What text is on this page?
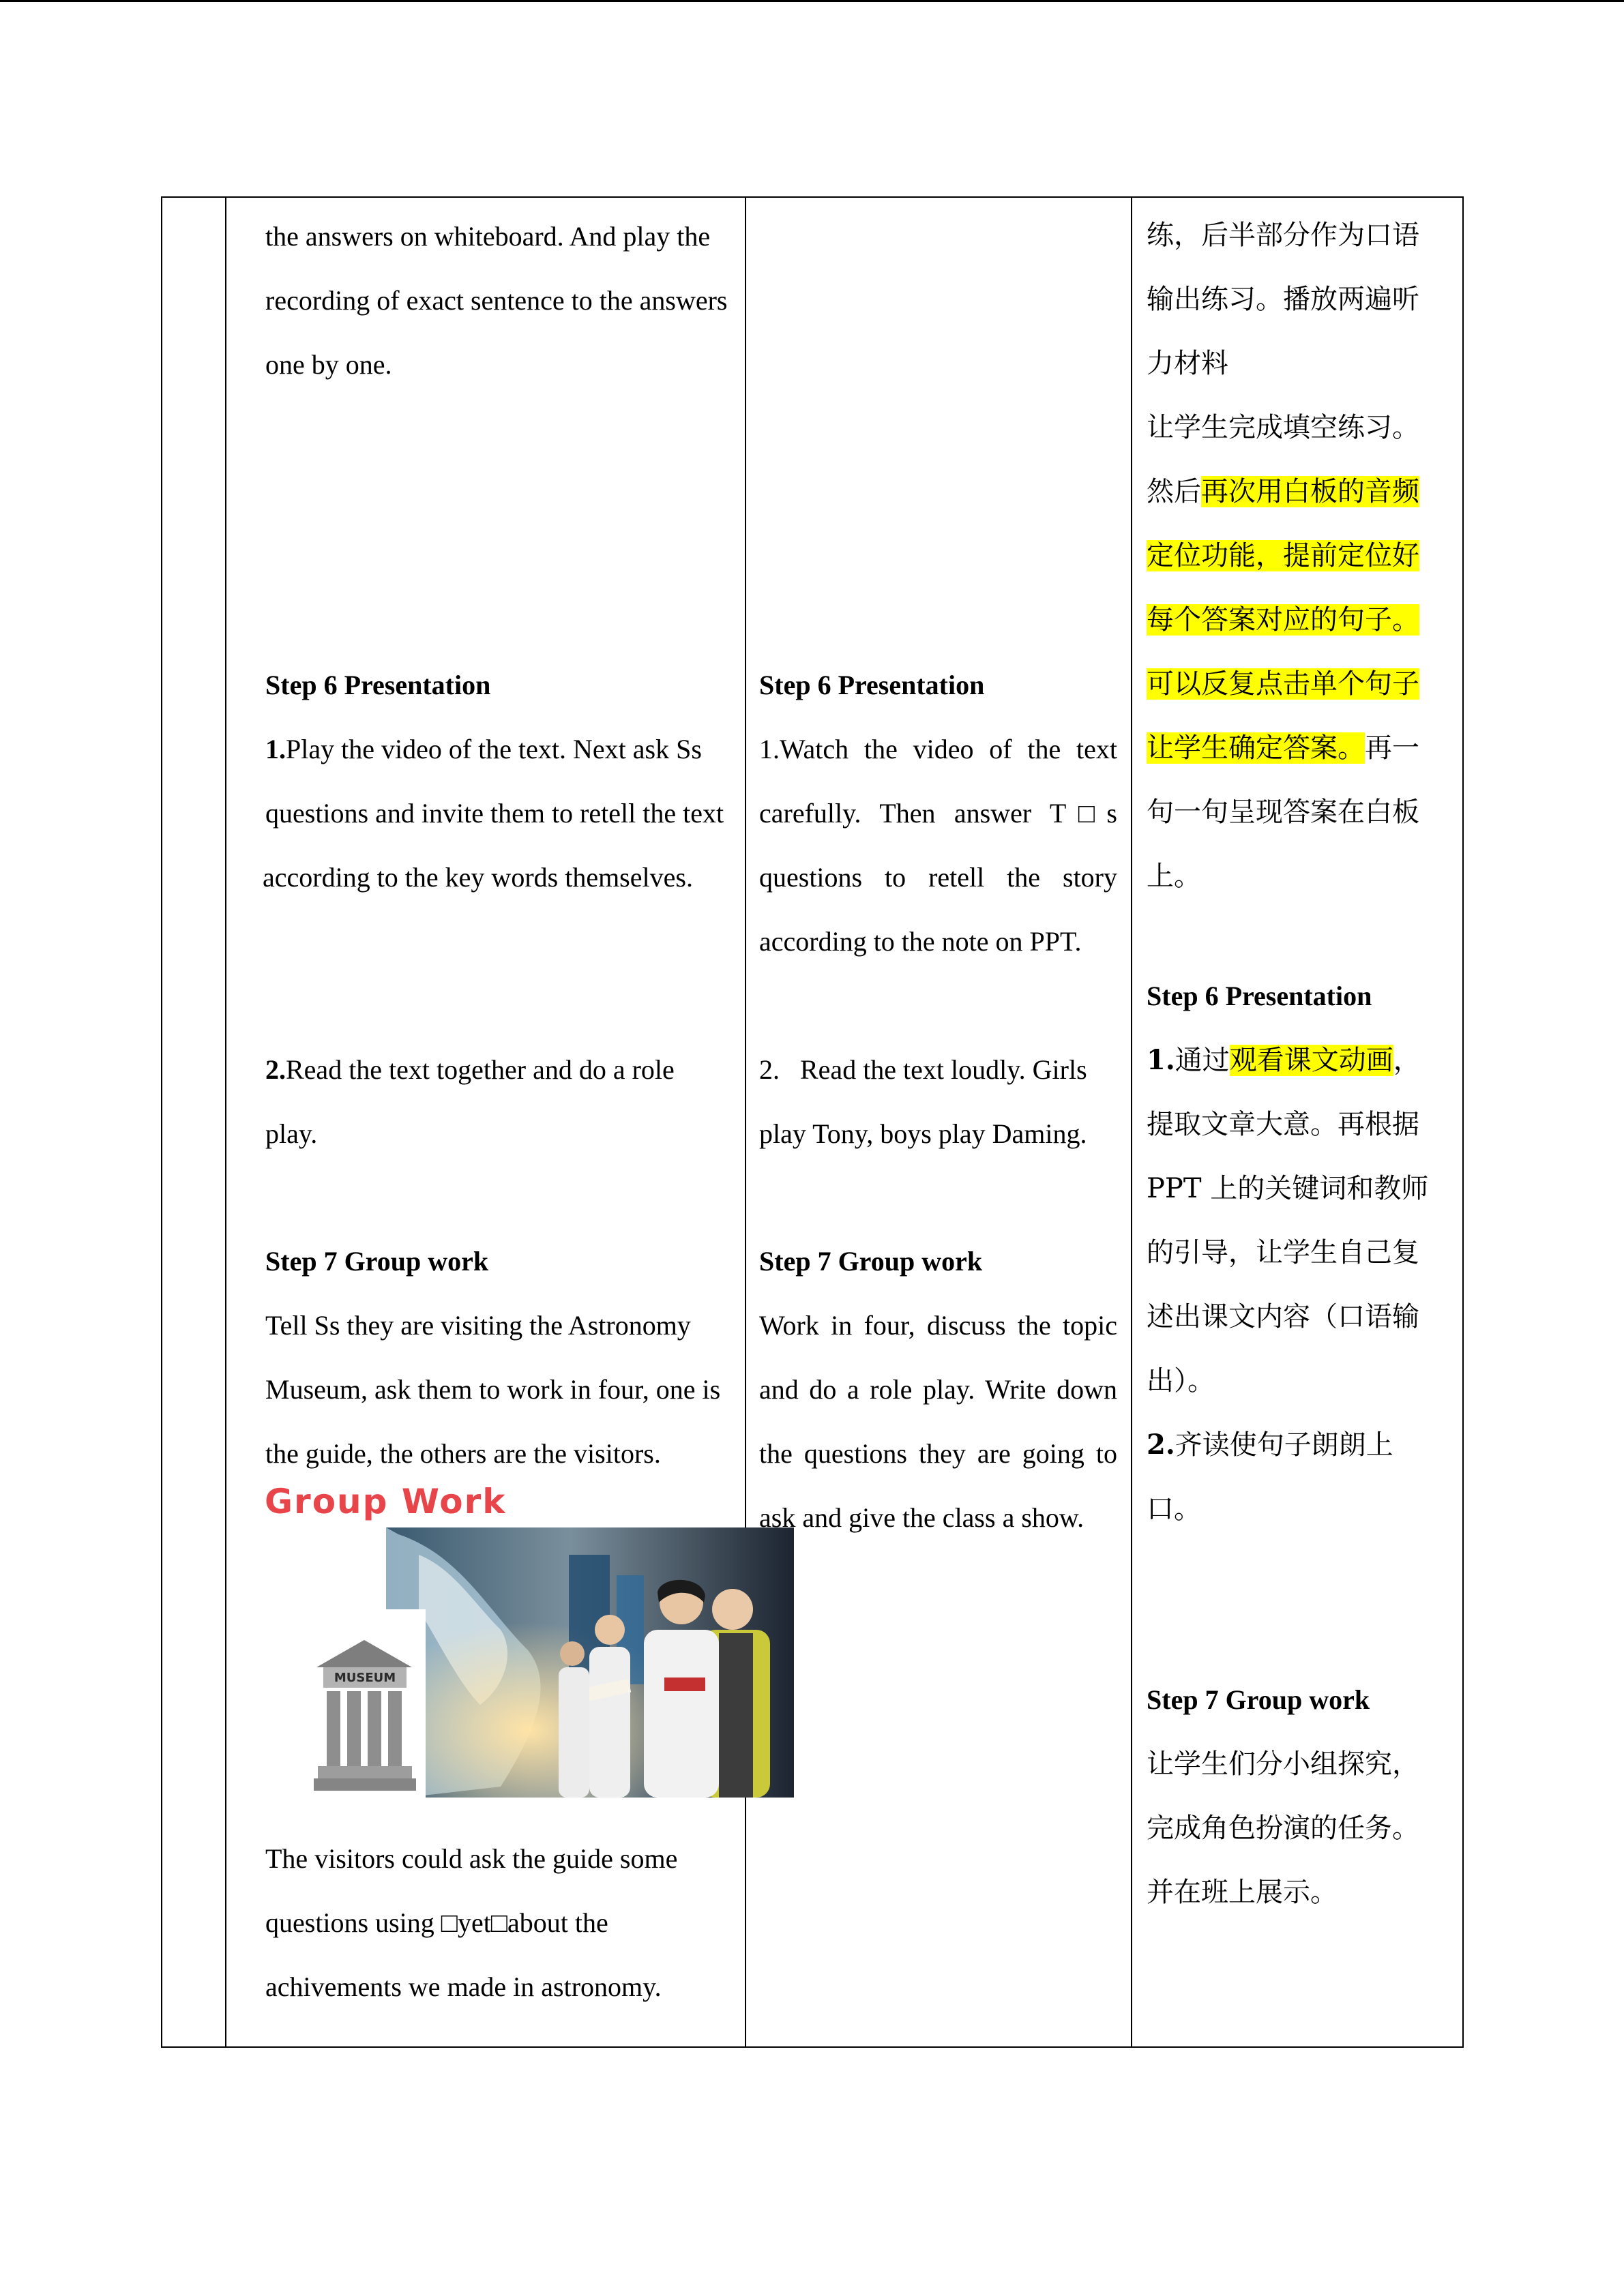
the answers on whiteboard. And play the
recording of exact sentence to the answers
one by one.
Step 6 Presentation
1.Play the video of the text. Next ask Ss
questions and invite them to retell the text
according to the key words themselves.
2.Read the text together and do a role
play.
Step 7 Group work
Tell Ss they are visiting the Astronomy
Museum, ask them to work in four, one is
the guide, the others are the visitors.
Group Work
MUSEUM
The visitors could ask the guide some
questions using □yet□about the
achivements we made in astronomy.
Step 6 Presentation
1.Watch the video of the text
carefully. Then answer T□s
questions to retell the story
according to the note on PPT.
2.   Read the text loudly. Girls
play Tony, boys play Daming.
Step 7 Group work
Work in four, discuss the topic
and do a role play. Write down
the questions they are going to
ask and give the class a show.
练，后半部分作为口语
输出练习。播放两遍听
力材料
让学生完成填空练习。
然后再次用白板的音频
定位功能，提前定位好
每个答案对应的句子。
可以反复点击单个句子
让学生确定答案。再一
句一句呈现答案在白板
上。
Step 6 Presentation
1.通过观看课文动画，
提取文章大意。再根据
PPT 上的关键词和教师
的引导，让学生自己复
述出课文内容（口语输
出）。
2.齐读使句子朗朗上
口。
Step 7 Group work
让学生们分小组探究，
完成角色扮演的任务。
并在班上展示。
